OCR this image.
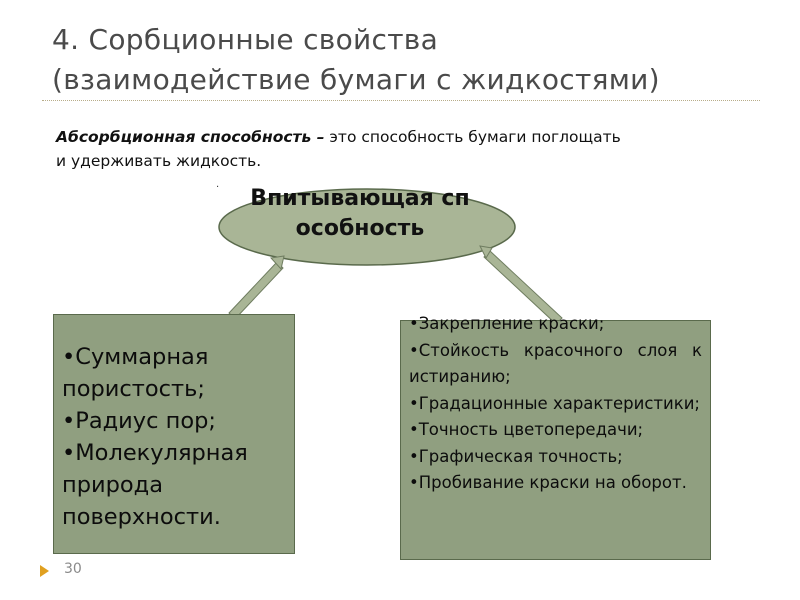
4. Сорбционные свойства
(взаимодействие бумаги с жидкостями)
Абсорбционная способность – это способность бумаги поглощать
и удерживать жидкость.
· Впитывающая способность

•Суммарная пористость;

•Радиус пор;

•Молекулярная природа поверхности.

•Закрепление краски;

•Стойкость красочного слоя к истиранию;

•Градационные характеристики;

•Точность цветопередачи;

•Графическая точность;

•Пробивание краски на оборот.

30
